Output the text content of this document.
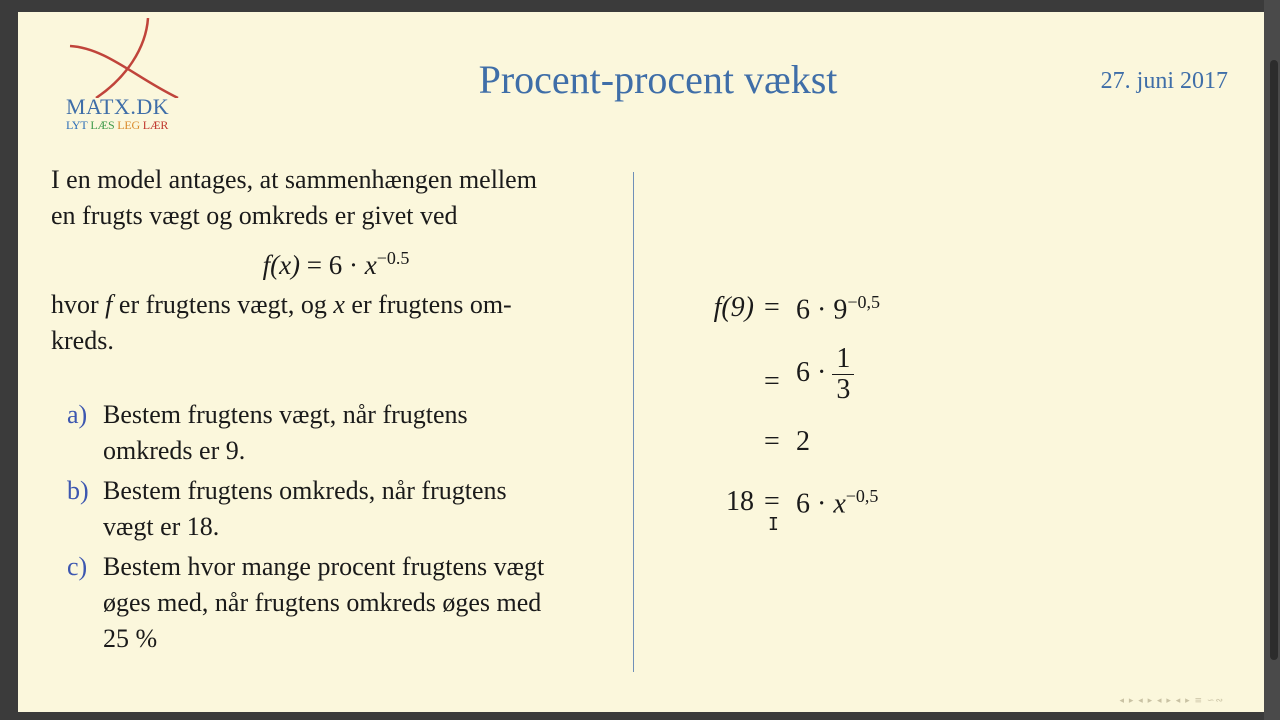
MATX.DK
LYT LÆS LEG LÆR
Procent-procent vækst	27. juni 2017

I en model antages, at sammenhængen mellem

en frugts vægt og omkreds er givet ved

$f(x) = 6 \cdot x^{-0.5}$

hvor f er frugtens vægt, og x er frugtens om-

kreds.

a) Bestem frugtens vægt, når frugtens
omkreds er 9.
b) Bestem frugtens omkreds, når frugtens
vægt er 18.
c) Bestem hvor mange procent frugtens vægt
øges med, når frugtens omkreds øges med
25 %
$f(9) = 6 \cdot 9^{-0,5}$
= $6 \cdot \frac{1}{3}$
= 2
$18 = 6 \cdot x^{-0,5}$
◂ ▸ ◂ ▸ ◂ ▸ ◂ ▸ ≡ ∽∾
I
